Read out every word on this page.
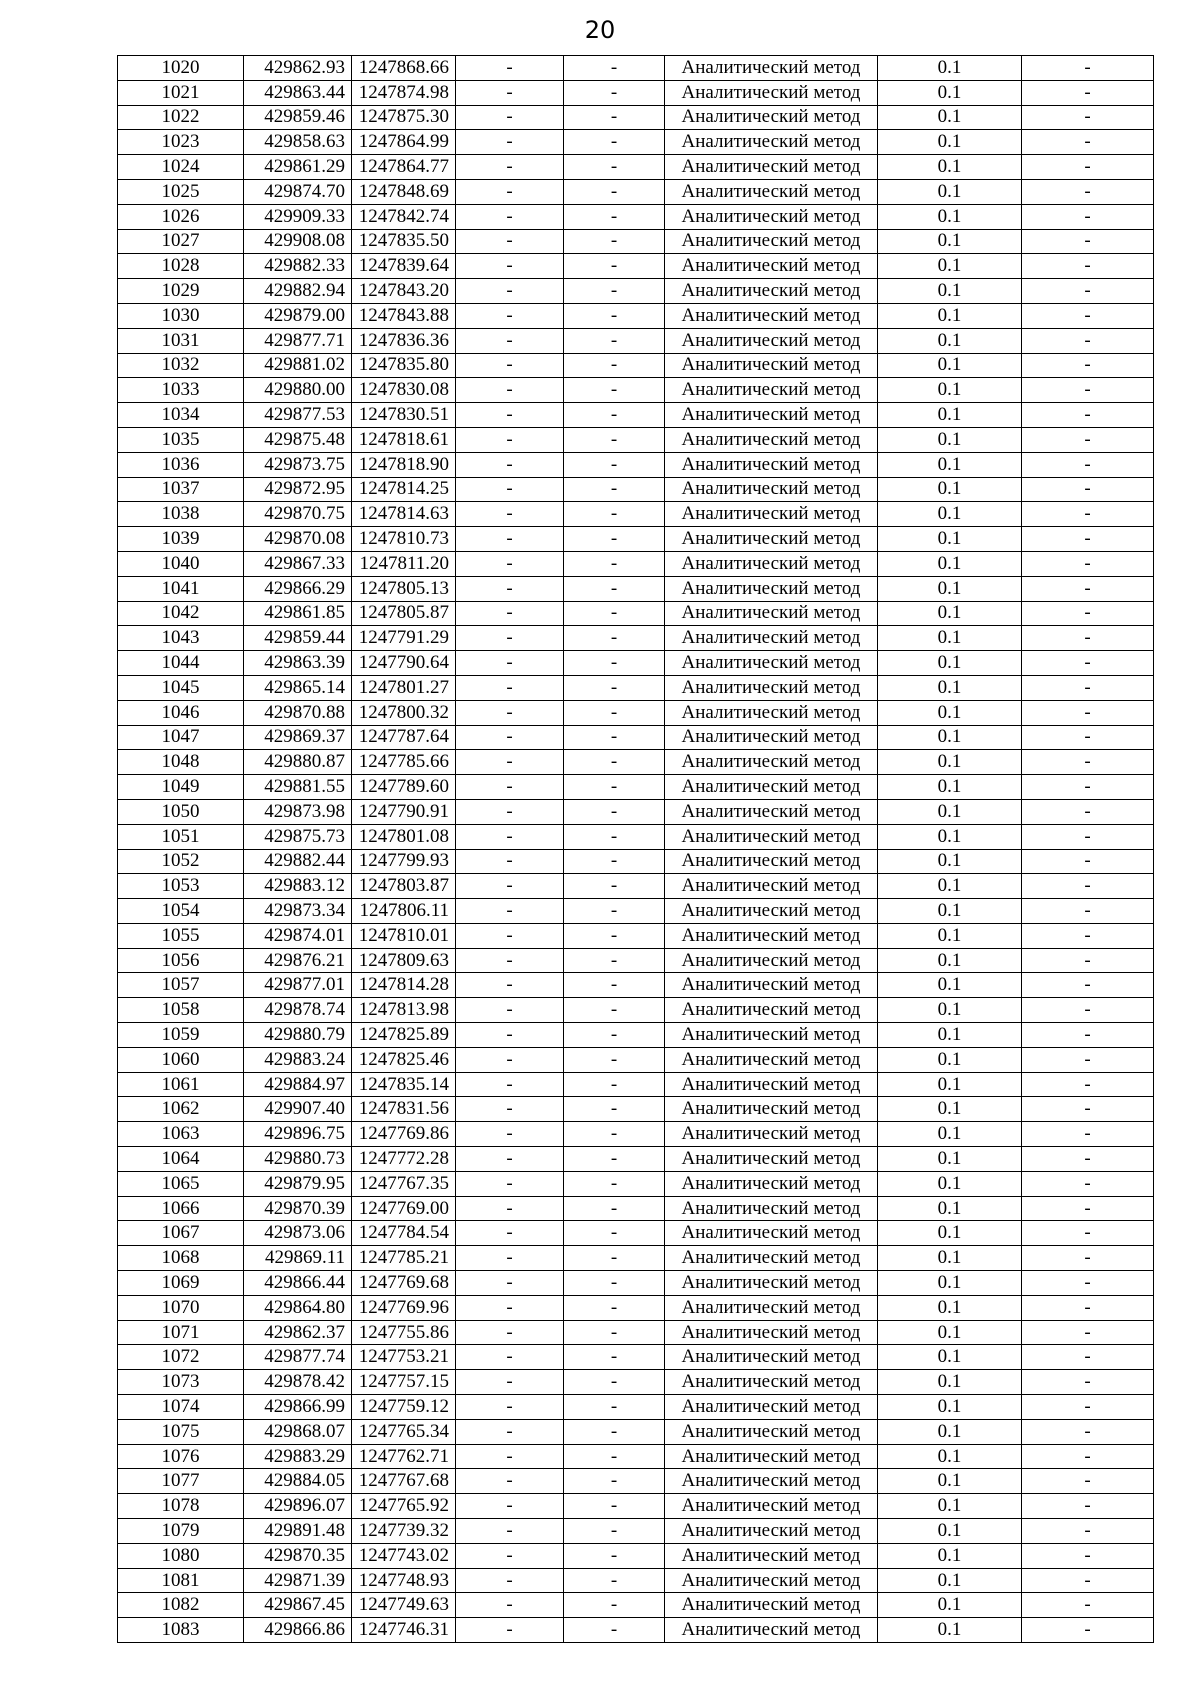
20
1020	429862.93	1247868.66	-	-	Аналитический метод	0.1	-
1021	429863.44	1247874.98	-	-	Аналитический метод	0.1	-
1022	429859.46	1247875.30	-	-	Аналитический метод	0.1	-
1023	429858.63	1247864.99	-	-	Аналитический метод	0.1	-
1024	429861.29	1247864.77	-	-	Аналитический метод	0.1	-
1025	429874.70	1247848.69	-	-	Аналитический метод	0.1	-
1026	429909.33	1247842.74	-	-	Аналитический метод	0.1	-
1027	429908.08	1247835.50	-	-	Аналитический метод	0.1	-
1028	429882.33	1247839.64	-	-	Аналитический метод	0.1	-
1029	429882.94	1247843.20	-	-	Аналитический метод	0.1	-
1030	429879.00	1247843.88	-	-	Аналитический метод	0.1	-
1031	429877.71	1247836.36	-	-	Аналитический метод	0.1	-
1032	429881.02	1247835.80	-	-	Аналитический метод	0.1	-
1033	429880.00	1247830.08	-	-	Аналитический метод	0.1	-
1034	429877.53	1247830.51	-	-	Аналитический метод	0.1	-
1035	429875.48	1247818.61	-	-	Аналитический метод	0.1	-
1036	429873.75	1247818.90	-	-	Аналитический метод	0.1	-
1037	429872.95	1247814.25	-	-	Аналитический метод	0.1	-
1038	429870.75	1247814.63	-	-	Аналитический метод	0.1	-
1039	429870.08	1247810.73	-	-	Аналитический метод	0.1	-
1040	429867.33	1247811.20	-	-	Аналитический метод	0.1	-
1041	429866.29	1247805.13	-	-	Аналитический метод	0.1	-
1042	429861.85	1247805.87	-	-	Аналитический метод	0.1	-
1043	429859.44	1247791.29	-	-	Аналитический метод	0.1	-
1044	429863.39	1247790.64	-	-	Аналитический метод	0.1	-
1045	429865.14	1247801.27	-	-	Аналитический метод	0.1	-
1046	429870.88	1247800.32	-	-	Аналитический метод	0.1	-
1047	429869.37	1247787.64	-	-	Аналитический метод	0.1	-
1048	429880.87	1247785.66	-	-	Аналитический метод	0.1	-
1049	429881.55	1247789.60	-	-	Аналитический метод	0.1	-
1050	429873.98	1247790.91	-	-	Аналитический метод	0.1	-
1051	429875.73	1247801.08	-	-	Аналитический метод	0.1	-
1052	429882.44	1247799.93	-	-	Аналитический метод	0.1	-
1053	429883.12	1247803.87	-	-	Аналитический метод	0.1	-
1054	429873.34	1247806.11	-	-	Аналитический метод	0.1	-
1055	429874.01	1247810.01	-	-	Аналитический метод	0.1	-
1056	429876.21	1247809.63	-	-	Аналитический метод	0.1	-
1057	429877.01	1247814.28	-	-	Аналитический метод	0.1	-
1058	429878.74	1247813.98	-	-	Аналитический метод	0.1	-
1059	429880.79	1247825.89	-	-	Аналитический метод	0.1	-
1060	429883.24	1247825.46	-	-	Аналитический метод	0.1	-
1061	429884.97	1247835.14	-	-	Аналитический метод	0.1	-
1062	429907.40	1247831.56	-	-	Аналитический метод	0.1	-
1063	429896.75	1247769.86	-	-	Аналитический метод	0.1	-
1064	429880.73	1247772.28	-	-	Аналитический метод	0.1	-
1065	429879.95	1247767.35	-	-	Аналитический метод	0.1	-
1066	429870.39	1247769.00	-	-	Аналитический метод	0.1	-
1067	429873.06	1247784.54	-	-	Аналитический метод	0.1	-
1068	429869.11	1247785.21	-	-	Аналитический метод	0.1	-
1069	429866.44	1247769.68	-	-	Аналитический метод	0.1	-
1070	429864.80	1247769.96	-	-	Аналитический метод	0.1	-
1071	429862.37	1247755.86	-	-	Аналитический метод	0.1	-
1072	429877.74	1247753.21	-	-	Аналитический метод	0.1	-
1073	429878.42	1247757.15	-	-	Аналитический метод	0.1	-
1074	429866.99	1247759.12	-	-	Аналитический метод	0.1	-
1075	429868.07	1247765.34	-	-	Аналитический метод	0.1	-
1076	429883.29	1247762.71	-	-	Аналитический метод	0.1	-
1077	429884.05	1247767.68	-	-	Аналитический метод	0.1	-
1078	429896.07	1247765.92	-	-	Аналитический метод	0.1	-
1079	429891.48	1247739.32	-	-	Аналитический метод	0.1	-
1080	429870.35	1247743.02	-	-	Аналитический метод	0.1	-
1081	429871.39	1247748.93	-	-	Аналитический метод	0.1	-
1082	429867.45	1247749.63	-	-	Аналитический метод	0.1	-
1083	429866.86	1247746.31	-	-	Аналитический метод	0.1	-
